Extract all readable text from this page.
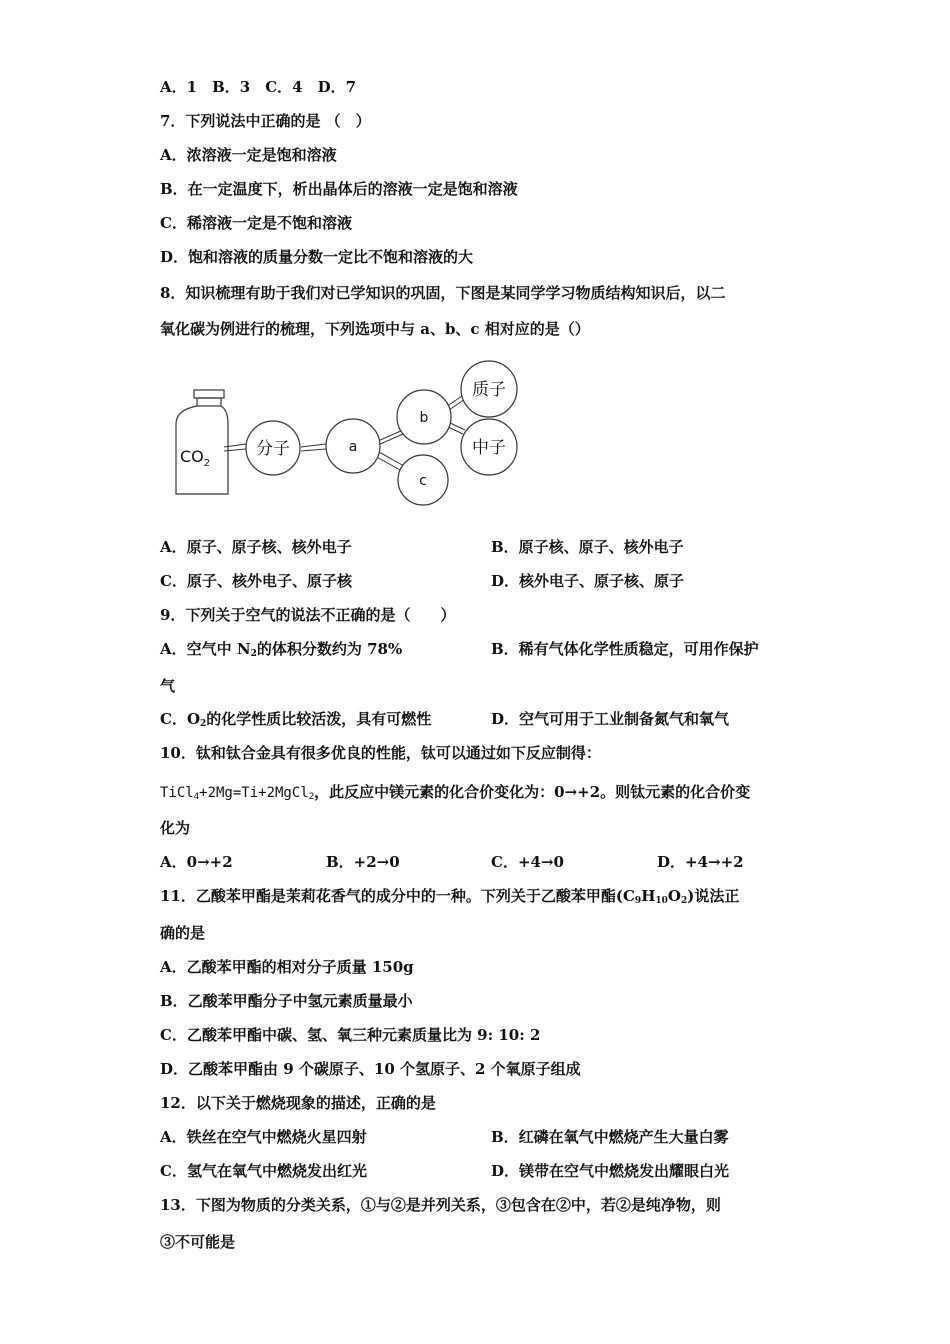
A．1　B．3　C．4　D．7
7．下列说法中正确的是 （　）
A．浓溶液一定是饱和溶液
B．在一定温度下，析出晶体后的溶液一定是饱和溶液
C．稀溶液一定是不饱和溶液
D．饱和溶液的质量分数一定比不饱和溶液的大
8．知识梳理有助于我们对已学知识的巩固，下图是某同学学习物质结构知识后，以二
氧化碳为例进行的梳理，下列选项中与 a、b、c 相对应的是（）
$CO_2$
分子	a
b
c
质子
中子
A．原子、原子核、核外电子	B．原子核、原子、核外电子
C．原子、核外电子、原子核	D．核外电子、原子核、原子
9．下列关于空气的说法不正确的是（　　）
A．空气中 $N_2$的体积分数约为 78%	B．稀有气体化学性质稳定，可用作保护
气
C．$O_2$的化学性质比较活泼，具有可燃性	D．空气可用于工业制备氮气和氧气
10．钛和钛合金具有很多优良的性能，钛可以通过如下反应制得：
TiCl$_4$+2Mg=Ti+2MgCl$_2$，此反应中镁元素的化合价变化为：0→+2。则钛元素的化合价变
化为
A．0→+2	B．+2→0	C．+4→0	D．+4→+2
11．乙酸苯甲酯是茉莉花香气的成分中的一种。下列关于乙酸苯甲酯$(C_9H_{10}O_2)$说法正
确的是
A．乙酸苯甲酯的相对分子质量 150g
B．乙酸苯甲酯分子中氢元素质量最小
C．乙酸苯甲酯中碳、氢、氧三种元素质量比为 9: 10: 2
D．乙酸苯甲酯由 9 个碳原子、10 个氢原子、2 个氧原子组成
12．以下关于燃烧现象的描述，正确的是
A．铁丝在空气中燃烧火星四射	B．红磷在氧气中燃烧产生大量白雾
C．氢气在氧气中燃烧发出红光	D．镁带在空气中燃烧发出耀眼白光
13．下图为物质的分类关系，①与②是并列关系，③包含在②中，若②是纯净物，则
③不可能是
